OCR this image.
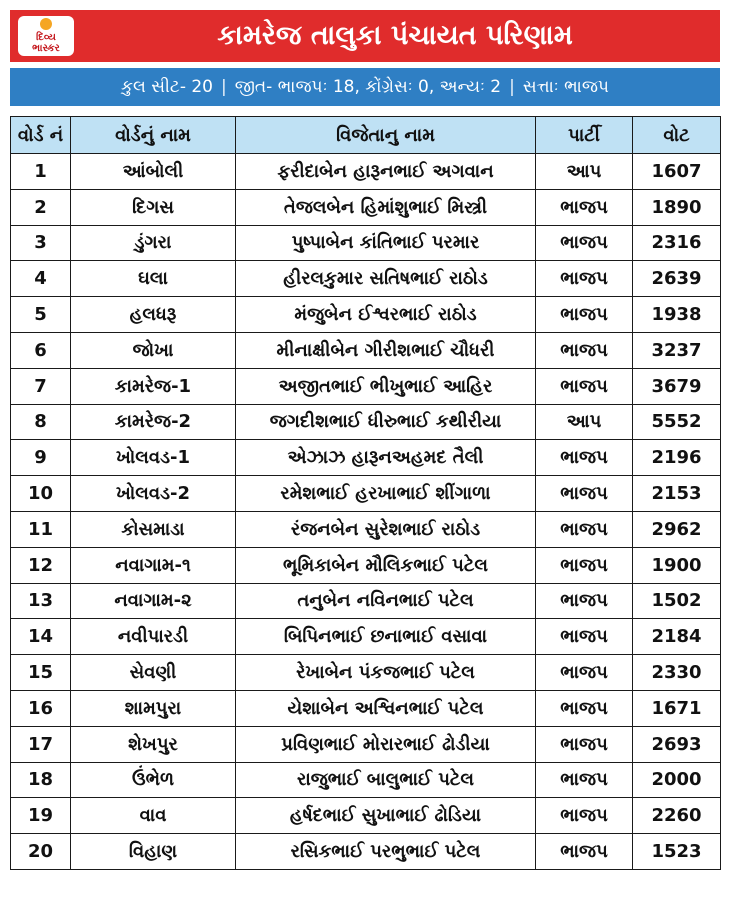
દિવ્ય
ભાસ્કર	કામરેજ તાલુકા પંચાયત પરિણામ
કુલ સીટ- 20 | જીત- ભાજપઃ 18, કોંગ્રેસઃ 0, અન્યઃ 2 | સત્તાઃ ભાજપ
વોર્ડ નં	વોર્ડનું નામ	વિજેતાનુ નામ	પાર્ટી	વોટ
1	આંબોલી	ફરીદાબેન હારૂનભાઈ અગવાન	આપ	1607
2	દિગસ	તેજલબેન હિમાંશુભાઈ મિસ્ત્રી	ભાજપ	1890
3	ડુંગરા	પુષ્પાબેન કાંતિભાઈ પરમાર	ભાજપ	2316
4	ઘલા	હીરલકુમાર સતિષભાઈ રાઠોડ	ભાજપ	2639
5	હલધરૂ	મંજુબેન ઈશ્વરભાઈ રાઠોડ	ભાજપ	1938
6	જોખા	મીનાક્ષીબેન ગીરીશભાઈ ચૌધરી	ભાજપ	3237
7	કામરેજ-1	અજીતભાઈ ભીખુભાઈ આહિર	ભાજપ	3679
8	કામરેજ-2	જગદીશભાઈ ધીરુભાઈ કથીરીયા	આપ	5552
9	ખોલવડ-1	એઝાઝ હારૂનઅહમદ તૈલી	ભાજપ	2196
10	ખોલવડ-2	રમેશભાઈ હરખાભાઈ શીંગાળા	ભાજપ	2153
11	કોસમાડા	રંજનબેન સુરેશભાઈ રાઠોડ	ભાજપ	2962
12	નવાગામ-૧	ભૂમિકાબેન મૌલિકભાઈ પટેલ	ભાજપ	1900
13	નવાગામ-૨	તનુબેન નવિનભાઈ પટેલ	ભાજપ	1502
14	નવીપારડી	બિપિનભાઈ છનાભાઈ વસાવા	ભાજપ	2184
15	સેવણી	રેખાબેન પંકજભાઈ પટેલ	ભાજપ	2330
16	શામપુરા	યેશાબેન અશ્વિનભાઈ પટેલ	ભાજપ	1671
17	શેખપુર	પ્રવિણભાઈ મોરારભાઈ ઢોડીયા	ભાજપ	2693
18	ઉંભેળ	રાજુભાઈ બાલુભાઈ પટેલ	ભાજપ	2000
19	વાવ	હર્ષદભાઈ સુખાભાઈ ઢોડિયા	ભાજપ	2260
20	વિહાણ	રસિકભાઈ પરભુભાઈ પટેલ	ભાજપ	1523
